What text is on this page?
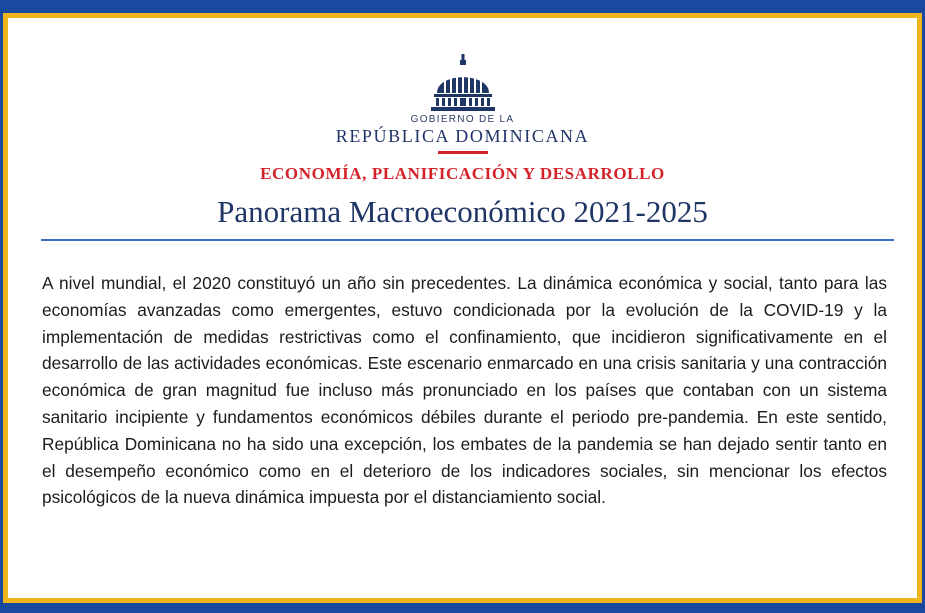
GOBIERNO DE LA
REPÚBLICA DOMINICANA
ECONOMÍA, PLANIFICACIÓN Y DESARROLLO
Panorama Macroeconómico 2021-2025

A nivel mundial, el 2020 constituyó un año sin precedentes. La dinámica económica y social, tanto para las economías avanzadas como emergentes, estuvo condicionada por la evolución de la COVID-19 y la implementación de medidas restrictivas como el confinamiento, que incidieron significativamente en el desarrollo de las actividades económicas. Este escenario enmarcado en una crisis sanitaria y una contracción económica de gran magnitud fue incluso más pronunciado en los países que contaban con un sistema sanitario incipiente y fundamentos económicos débiles durante el periodo pre-pandemia. En este sentido, República Dominicana no ha sido una excepción, los embates de la pandemia se han dejado sentir tanto en el desempeño económico como en el deterioro de los indicadores sociales, sin mencionar los efectos psicológicos de la nueva dinámica impuesta por el distanciamiento social.
